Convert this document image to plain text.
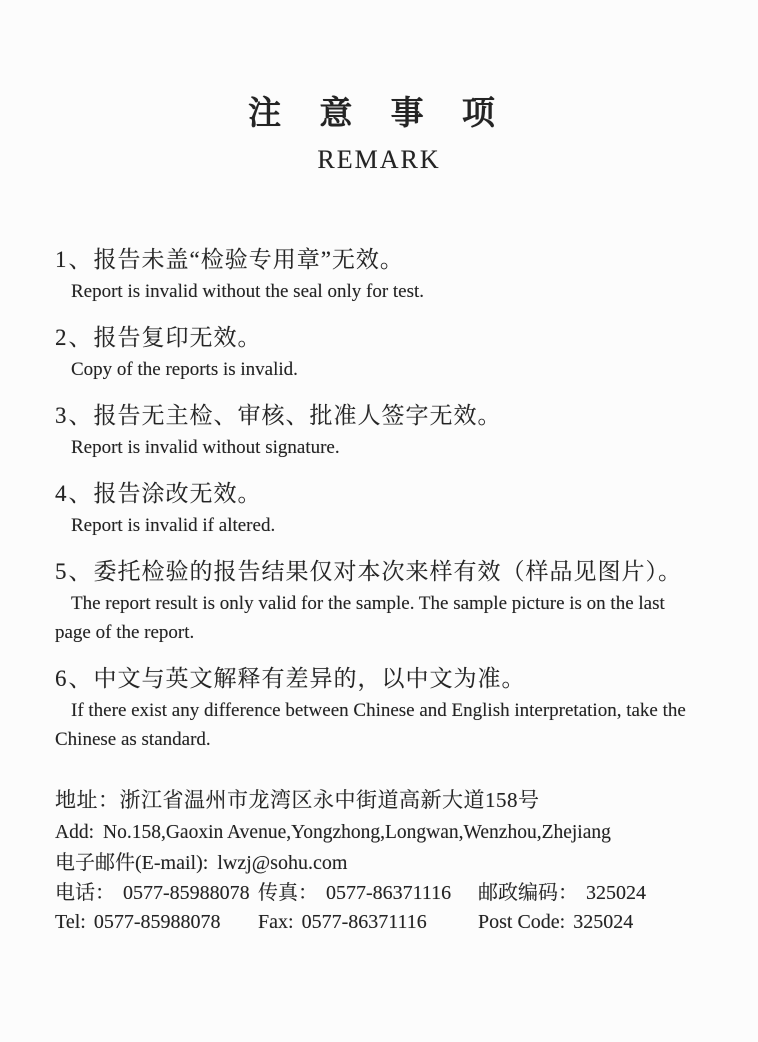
注 意 事 项
REMARK
1、报告未盖“检验专用章”无效。

Report is invalid without the seal only for test.

2、报告复印无效。

Copy of the reports is invalid.

3、报告无主检、审核、批准人签字无效。

Report is invalid without signature.

4、报告涂改无效。

Report is invalid if altered.

5、委托检验的报告结果仅对本次来样有效（样品见图片）。

The report result is only valid for the sample. The sample picture is on the last page of the report.

6、中文与英文解释有差异的，以中文为准。

If there exist any difference between Chinese and English interpretation, take the Chinese as standard.

地址：浙江省温州市龙湾区永中街道高新大道158号
Add: No.158,Gaoxin Avenue,Yongzhong,Longwan,Wenzhou,Zhejiang
电子邮件(E-mail): lwzj@sohu.com
电话： 0577-85988078 传真： 0577-86371116	邮政编码： 325024
Tel: 0577-85988078	Fax: 0577-86371116	Post Code: 325024
